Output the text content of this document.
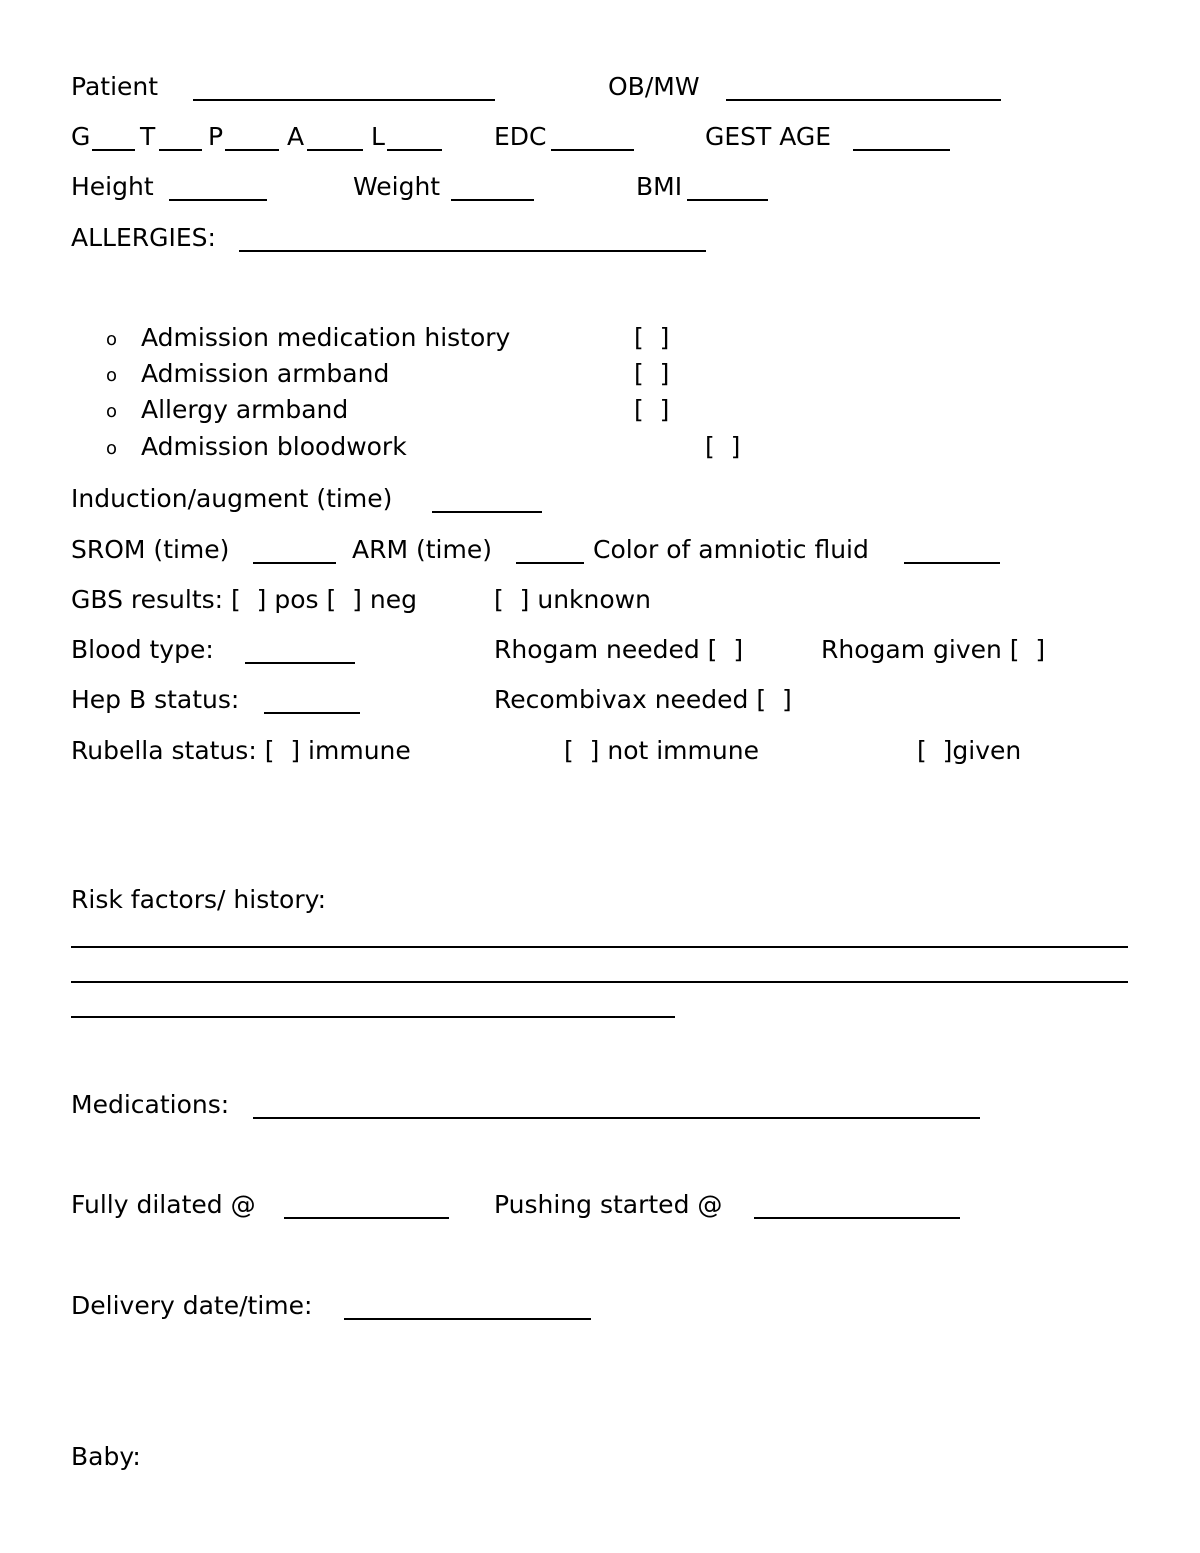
Patient	OB/MW
G T P	A	L	EDC	GEST AGE
Height	Weight	BMI
ALLERGIES:
o Admission medication history	[  ]
o Admission armband	[  ]
o Allergy armband	[  ]
o Admission bloodwork	[  ]
Induction/augment (time)
SROM (time)	ARM (time)	Color of amniotic fluid
GBS results: [  ] pos [  ] neg	[  ] unknown
Blood type:	Rhogam needed [  ]	Rhogam given [  ]
Hep B status:	Recombivax needed [  ]
Rubella status: [  ] immune	[  ] not immune	[  ]given
Risk factors/ history:
Medications:
Fully dilated @	Pushing started @
Delivery date/time:
Baby:
